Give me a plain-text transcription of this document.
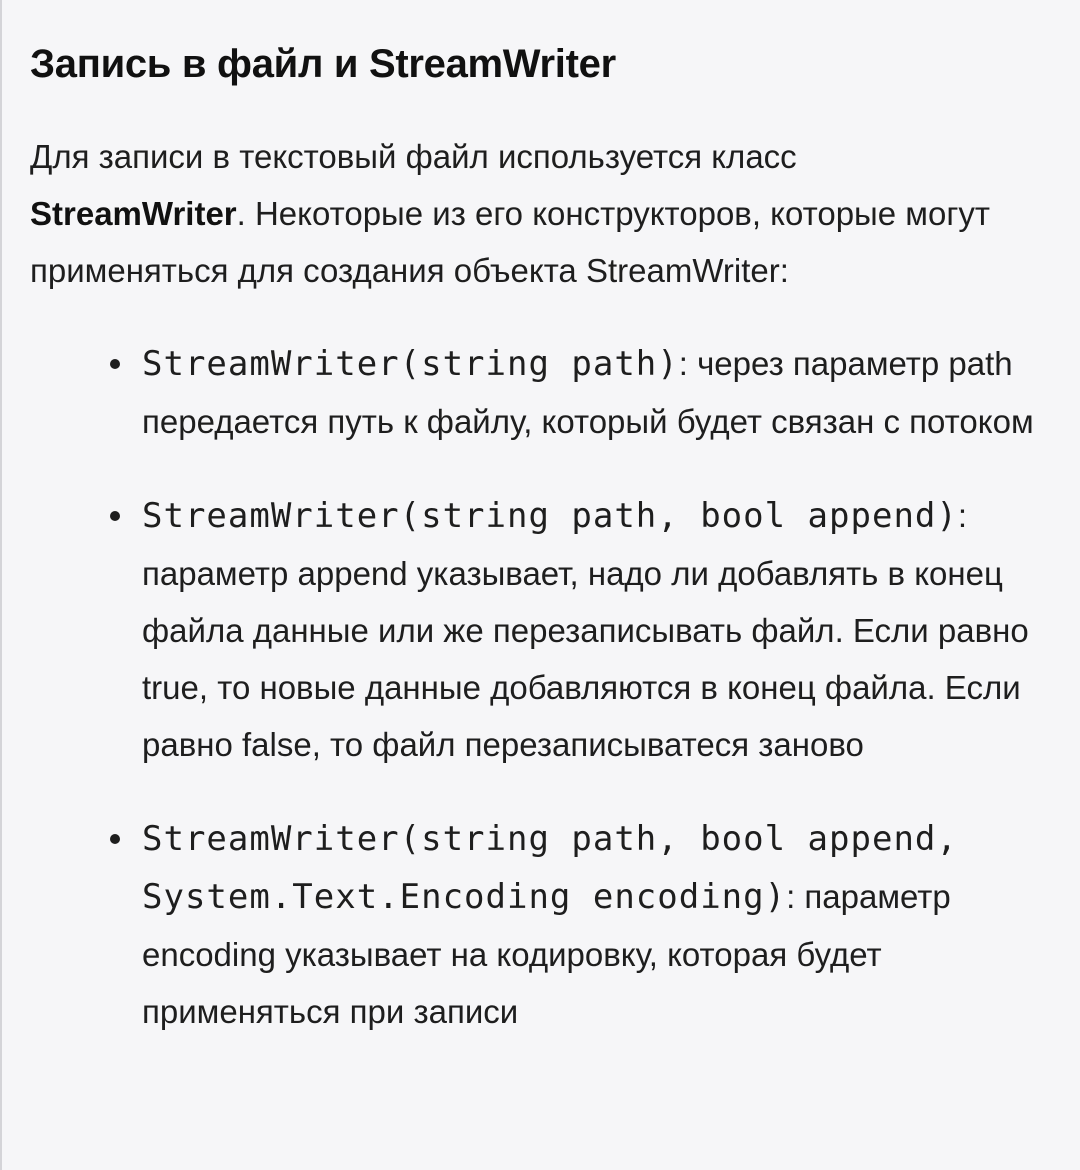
Запись в файл и StreamWriter

Для записи в текстовый файл используется класс StreamWriter. Некоторые из его конструкторов, которые могут применяться для создания объекта StreamWriter:

StreamWriter(string path): через параметр path передается путь к файлу, который будет связан с потоком
StreamWriter(string path, bool append): параметр append указывает, надо ли добавлять в конец файла данные или же перезаписывать файл. Если равно true, то новые данные добавляются в конец файла. Если равно false, то файл перезаписыватеся заново
StreamWriter(string path, bool append, System.Text.Encoding encoding): параметр encoding указывает на кодировку, которая будет применяться при записи
